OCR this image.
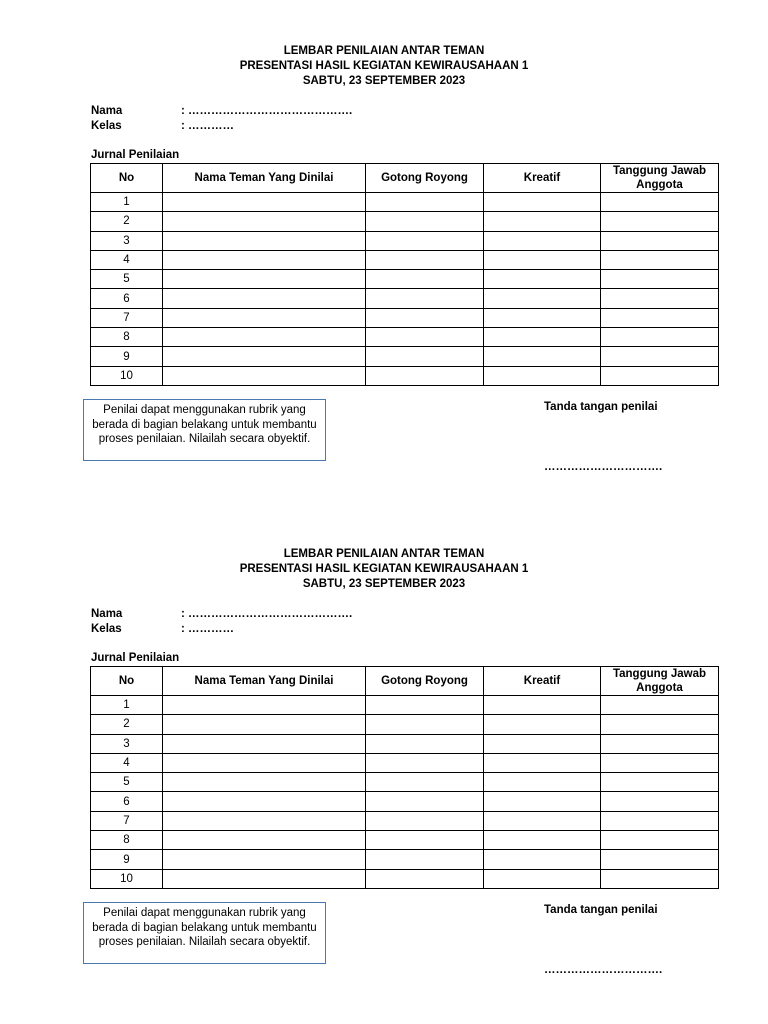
LEMBAR PENILAIAN ANTAR TEMAN
PRESENTASI HASIL KEGIATAN KEWIRAUSAHAAN 1
SABTU, 23 SEPTEMBER 2023
Nama	: …………………………………….
Kelas	: …………
Jurnal Penilaian
No	Nama Teman Yang Dinilai	Gotong Royong	Kreatif	Tanggung Jawab Anggota
1				
2				
3				
4				
5				
6				
7				
8				
9				
10				
Penilai dapat menggunakan rubrik yang berada di bagian belakang untuk membantu proses penilaian. Nilailah secara obyektif.
Tanda tangan penilai
………………………….
LEMBAR PENILAIAN ANTAR TEMAN
PRESENTASI HASIL KEGIATAN KEWIRAUSAHAAN 1
SABTU, 23 SEPTEMBER 2023
Nama	: …………………………………….
Kelas	: …………
Jurnal Penilaian
No	Nama Teman Yang Dinilai	Gotong Royong	Kreatif	Tanggung Jawab Anggota
1				
2				
3				
4				
5				
6				
7				
8				
9				
10				
Penilai dapat menggunakan rubrik yang berada di bagian belakang untuk membantu proses penilaian. Nilailah secara obyektif.
Tanda tangan penilai
………………………….
